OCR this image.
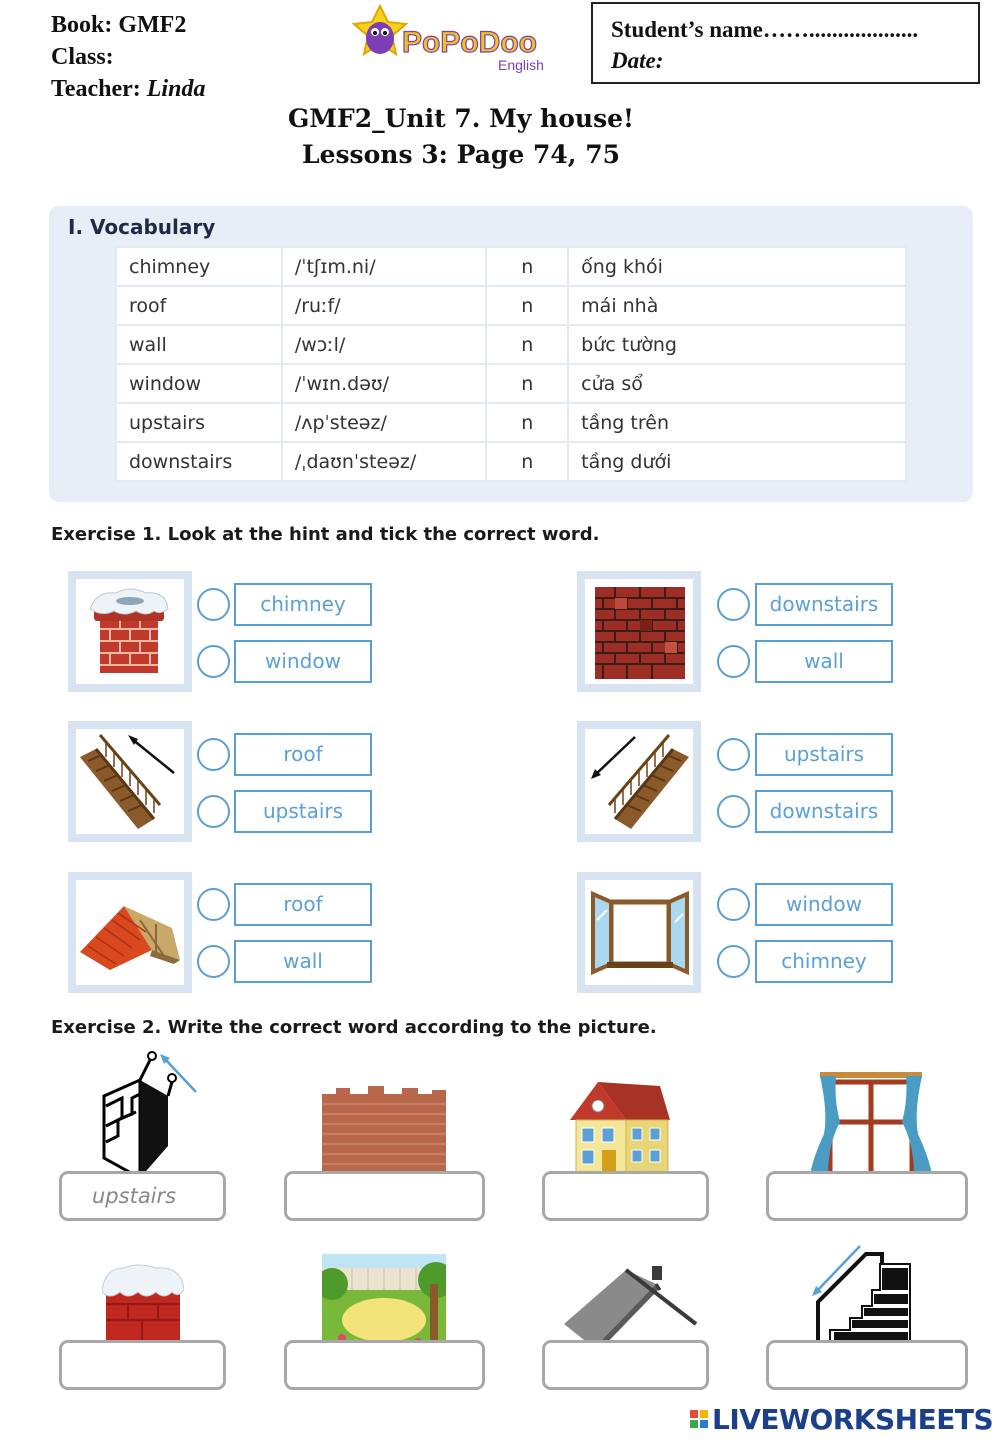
Book: GMF2
Class:
Teacher: Linda
PoPoDoo
English
Student’s name……...................
Date:
GMF2_Unit 7. My house!
Lessons 3: Page 74, 75
I. Vocabulary
chimney	/ˈtʃɪm.ni/	n	ống khói
roof	/ruːf/	n	mái nhà
wall	/wɔːl/	n	bức tường
window	/ˈwɪn.dəʊ/	n	cửa sổ
upstairs	/ʌpˈsteəz/	n	tầng trên
downstairs	/ˌdaʊnˈsteəz/	n	tầng dưới
Exercise 1. Look at the hint and tick the correct word.
chimney
window
downstairs
wall
roof
upstairs
upstairs
downstairs
roof
wall
window
chimney
Exercise 2. Write the correct word according to the picture.
upstairs
LIVEWORKSHEETS
